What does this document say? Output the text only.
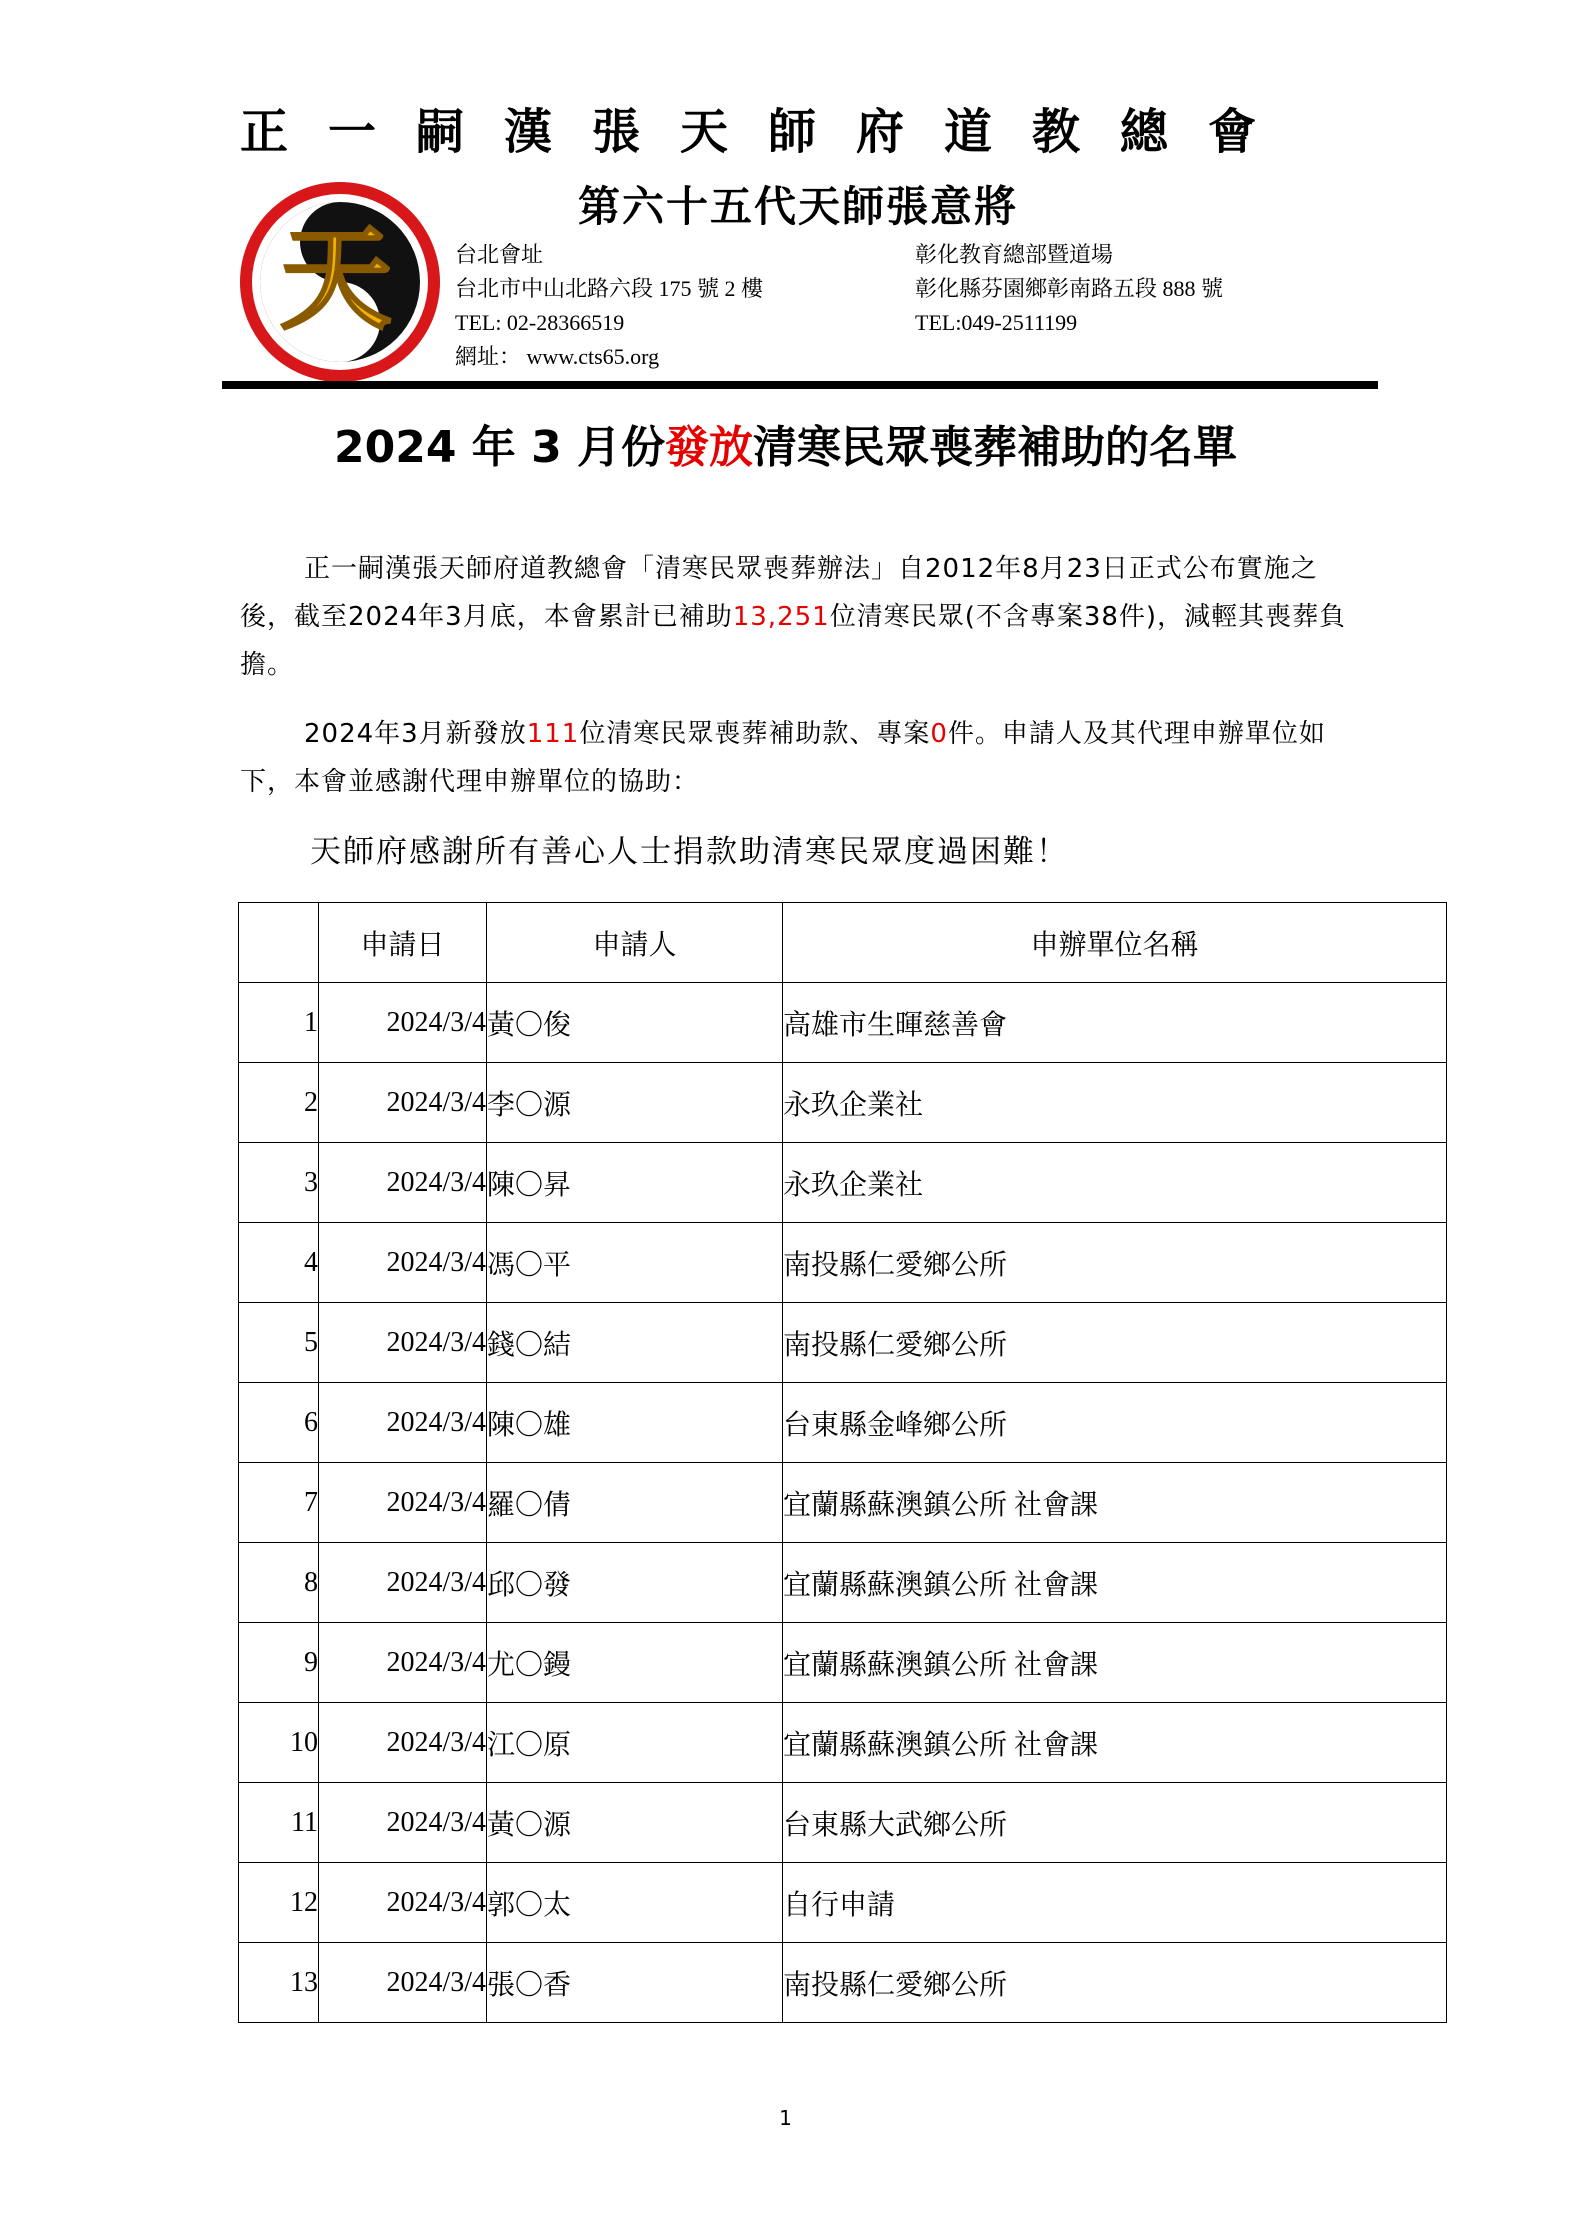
正一嗣漢張天師府道教總會
天
第六十五代天師張意將
台北會址
台北市中山北路六段 175 號 2 樓
TEL: 02-28366519
網址： www.cts65.org
彰化教育總部暨道場
彰化縣芬園鄉彰南路五段 888 號
TEL:049-2511199
2024 年 3 月份發放清寒民眾喪葬補助的名單
正一嗣漢張天師府道教總會「清寒民眾喪葬辦法」自2012年8月23日正式公布實施之後，截至2024年3月底，本會累計已補助13,251位清寒民眾(不含專案38件)，減輕其喪葬負擔。
2024年3月新發放111位清寒民眾喪葬補助款、專案0件。申請人及其代理申辦單位如下，本會並感謝代理申辦單位的協助：
天師府感謝所有善心人士捐款助清寒民眾度過困難！
	申請日	申請人	申辦單位名稱
1	2024/3/4	黃〇俊	高雄市生暉慈善會
2	2024/3/4	李〇源	永玖企業社
3	2024/3/4	陳〇昇	永玖企業社
4	2024/3/4	馮〇平	南投縣仁愛鄉公所
5	2024/3/4	錢〇結	南投縣仁愛鄉公所
6	2024/3/4	陳〇雄	台東縣金峰鄉公所
7	2024/3/4	羅〇倩	宜蘭縣蘇澳鎮公所 社會課
8	2024/3/4	邱〇發	宜蘭縣蘇澳鎮公所 社會課
9	2024/3/4	尤〇鏝	宜蘭縣蘇澳鎮公所 社會課
10	2024/3/4	江〇原	宜蘭縣蘇澳鎮公所 社會課
11	2024/3/4	黃〇源	台東縣大武鄉公所
12	2024/3/4	郭〇太	自行申請
13	2024/3/4	張〇香	南投縣仁愛鄉公所
1
